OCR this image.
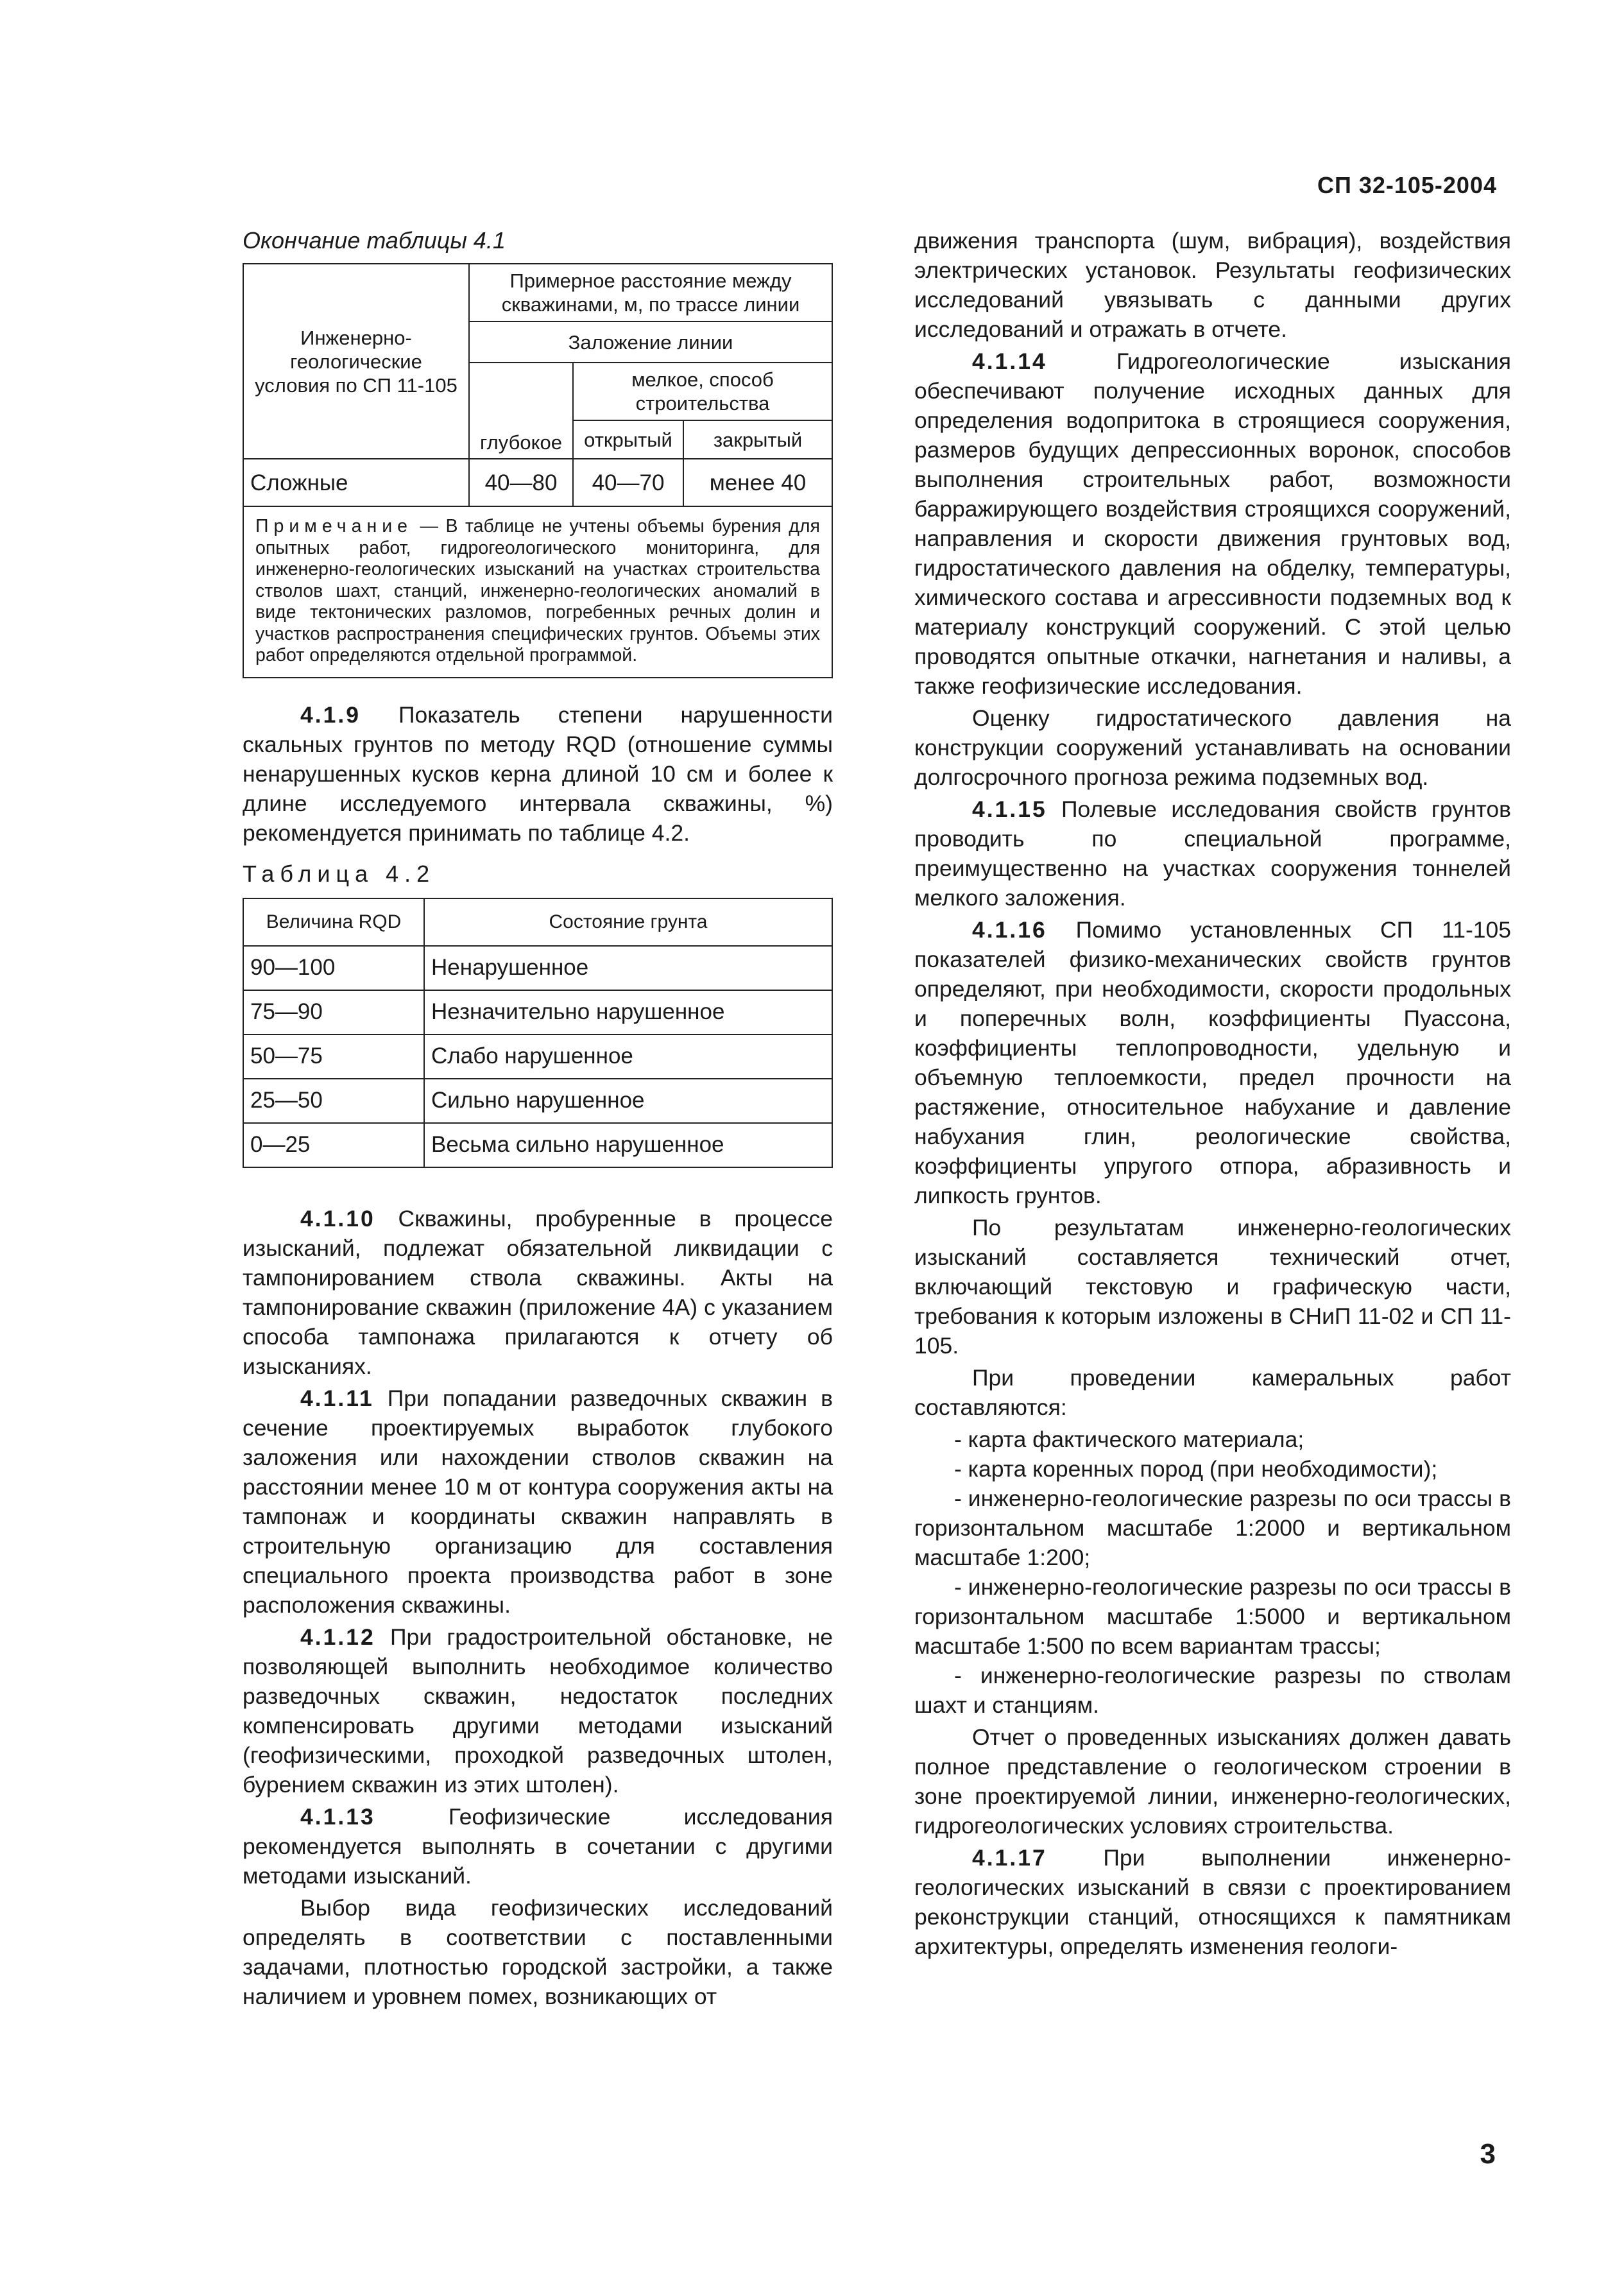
СП 32-105-2004
Окончание таблицы 4.1
Инженерно-геологические условия по СП 11-105	Примерное расстояние между скважинами, м, по трассе линии		
	Заложение линии		
	глубокое	мелкое, способ строительства	
		открытый	закрытый
Сложные	40—80	40—70	менее 40
Примечание — В таблице не учтены объемы бурения для опытных работ, гидрогеологического мониторинга, для инженерно-геологических изысканий на участках строительства стволов шахт, станций, инженерно-геологических аномалий в виде тектонических разломов, погребенных речных долин и участков распространения специфических грунтов. Объемы этих работ определяются отдельной программой.			

4.1.9 Показатель степени нарушенности скальных грунтов по методу RQD (отношение суммы ненарушенных кусков керна длиной 10 см и более к длине исследуемого интервала скважины, %) рекомендуется принимать по таблице 4.2.

Таблица 4.2
Величина RQD	Состояние грунта
90—100	Ненарушенное
75—90	Незначительно нарушенное
50—75	Слабо нарушенное
25—50	Сильно нарушенное
0—25	Весьма сильно нарушенное

4.1.10 Скважины, пробуренные в процессе изысканий, подлежат обязательной ликвидации с тампонированием ствола скважины. Акты на тампонирование скважин (приложение 4А) с указанием способа тампонажа прилагаются к отчету об изысканиях.

4.1.11 При попадании разведочных скважин в сечение проектируемых выработок глубокого заложения или нахождении стволов скважин на расстоянии менее 10 м от контура сооружения акты на тампонаж и координаты скважин направлять в строительную организацию для составления специального проекта производства работ в зоне расположения скважины.

4.1.12 При градостроительной обстановке, не позволяющей выполнить необходимое количество разведочных скважин, недостаток последних компенсировать другими методами изысканий (геофизическими, проходкой разведочных штолен, бурением скважин из этих штолен).

4.1.13 Геофизические исследования рекомендуется выполнять в сочетании с другими методами изысканий.

Выбор вида геофизических исследований определять в соответствии с поставленными задачами, плотностью городской застройки, а также наличием и уровнем помех, возникающих от

движения транспорта (шум, вибрация), воздействия электрических установок. Результаты геофизических исследований увязывать с данными других исследований и отражать в отчете.

4.1.14 Гидрогеологические изыскания обеспечивают получение исходных данных для определения водопритока в строящиеся сооружения, размеров будущих депрессионных воронок, способов выполнения строительных работ, возможности барражирующего воздействия строящихся сооружений, направления и скорости движения грунтовых вод, гидростатического давления на обделку, температуры, химического состава и агрессивности подземных вод к материалу конструкций сооружений. С этой целью проводятся опытные откачки, нагнетания и наливы, а также геофизические исследования.

Оценку гидростатического давления на конструкции сооружений устанавливать на основании долгосрочного прогноза режима подземных вод.

4.1.15 Полевые исследования свойств грунтов проводить по специальной программе, преимущественно на участках сооружения тоннелей мелкого заложения.

4.1.16 Помимо установленных СП 11-105 показателей физико-механических свойств грунтов определяют, при необходимости, скорости продольных и поперечных волн, коэффициенты Пуассона, коэффициенты теплопроводности, удельную и объемную теплоемкости, предел прочности на растяжение, относительное набухание и давление набухания глин, реологические свойства, коэффициенты упругого отпора, абразивность и липкость грунтов.

По результатам инженерно-геологических изысканий составляется технический отчет, включающий текстовую и графическую части, требования к которым изложены в СНиП 11-02 и СП 11-105.

При проведении камеральных работ составляются:

- карта фактического материала;

- карта коренных пород (при необходимости);

- инженерно-геологические разрезы по оси трассы в горизонтальном масштабе 1:2000 и вертикальном масштабе 1:200;

- инженерно-геологические разрезы по оси трассы в горизонтальном масштабе 1:5000 и вертикальном масштабе 1:500 по всем вариантам трассы;

- инженерно-геологические разрезы по стволам шахт и станциям.

Отчет о проведенных изысканиях должен давать полное представление о геологическом строении в зоне проектируемой линии, инженерно-геологических, гидрогеологических условиях строительства.

4.1.17 При выполнении инженерно-геологических изысканий в связи с проектированием реконструкции станций, относящихся к памятникам архитектуры, определять изменения геологи-

3
